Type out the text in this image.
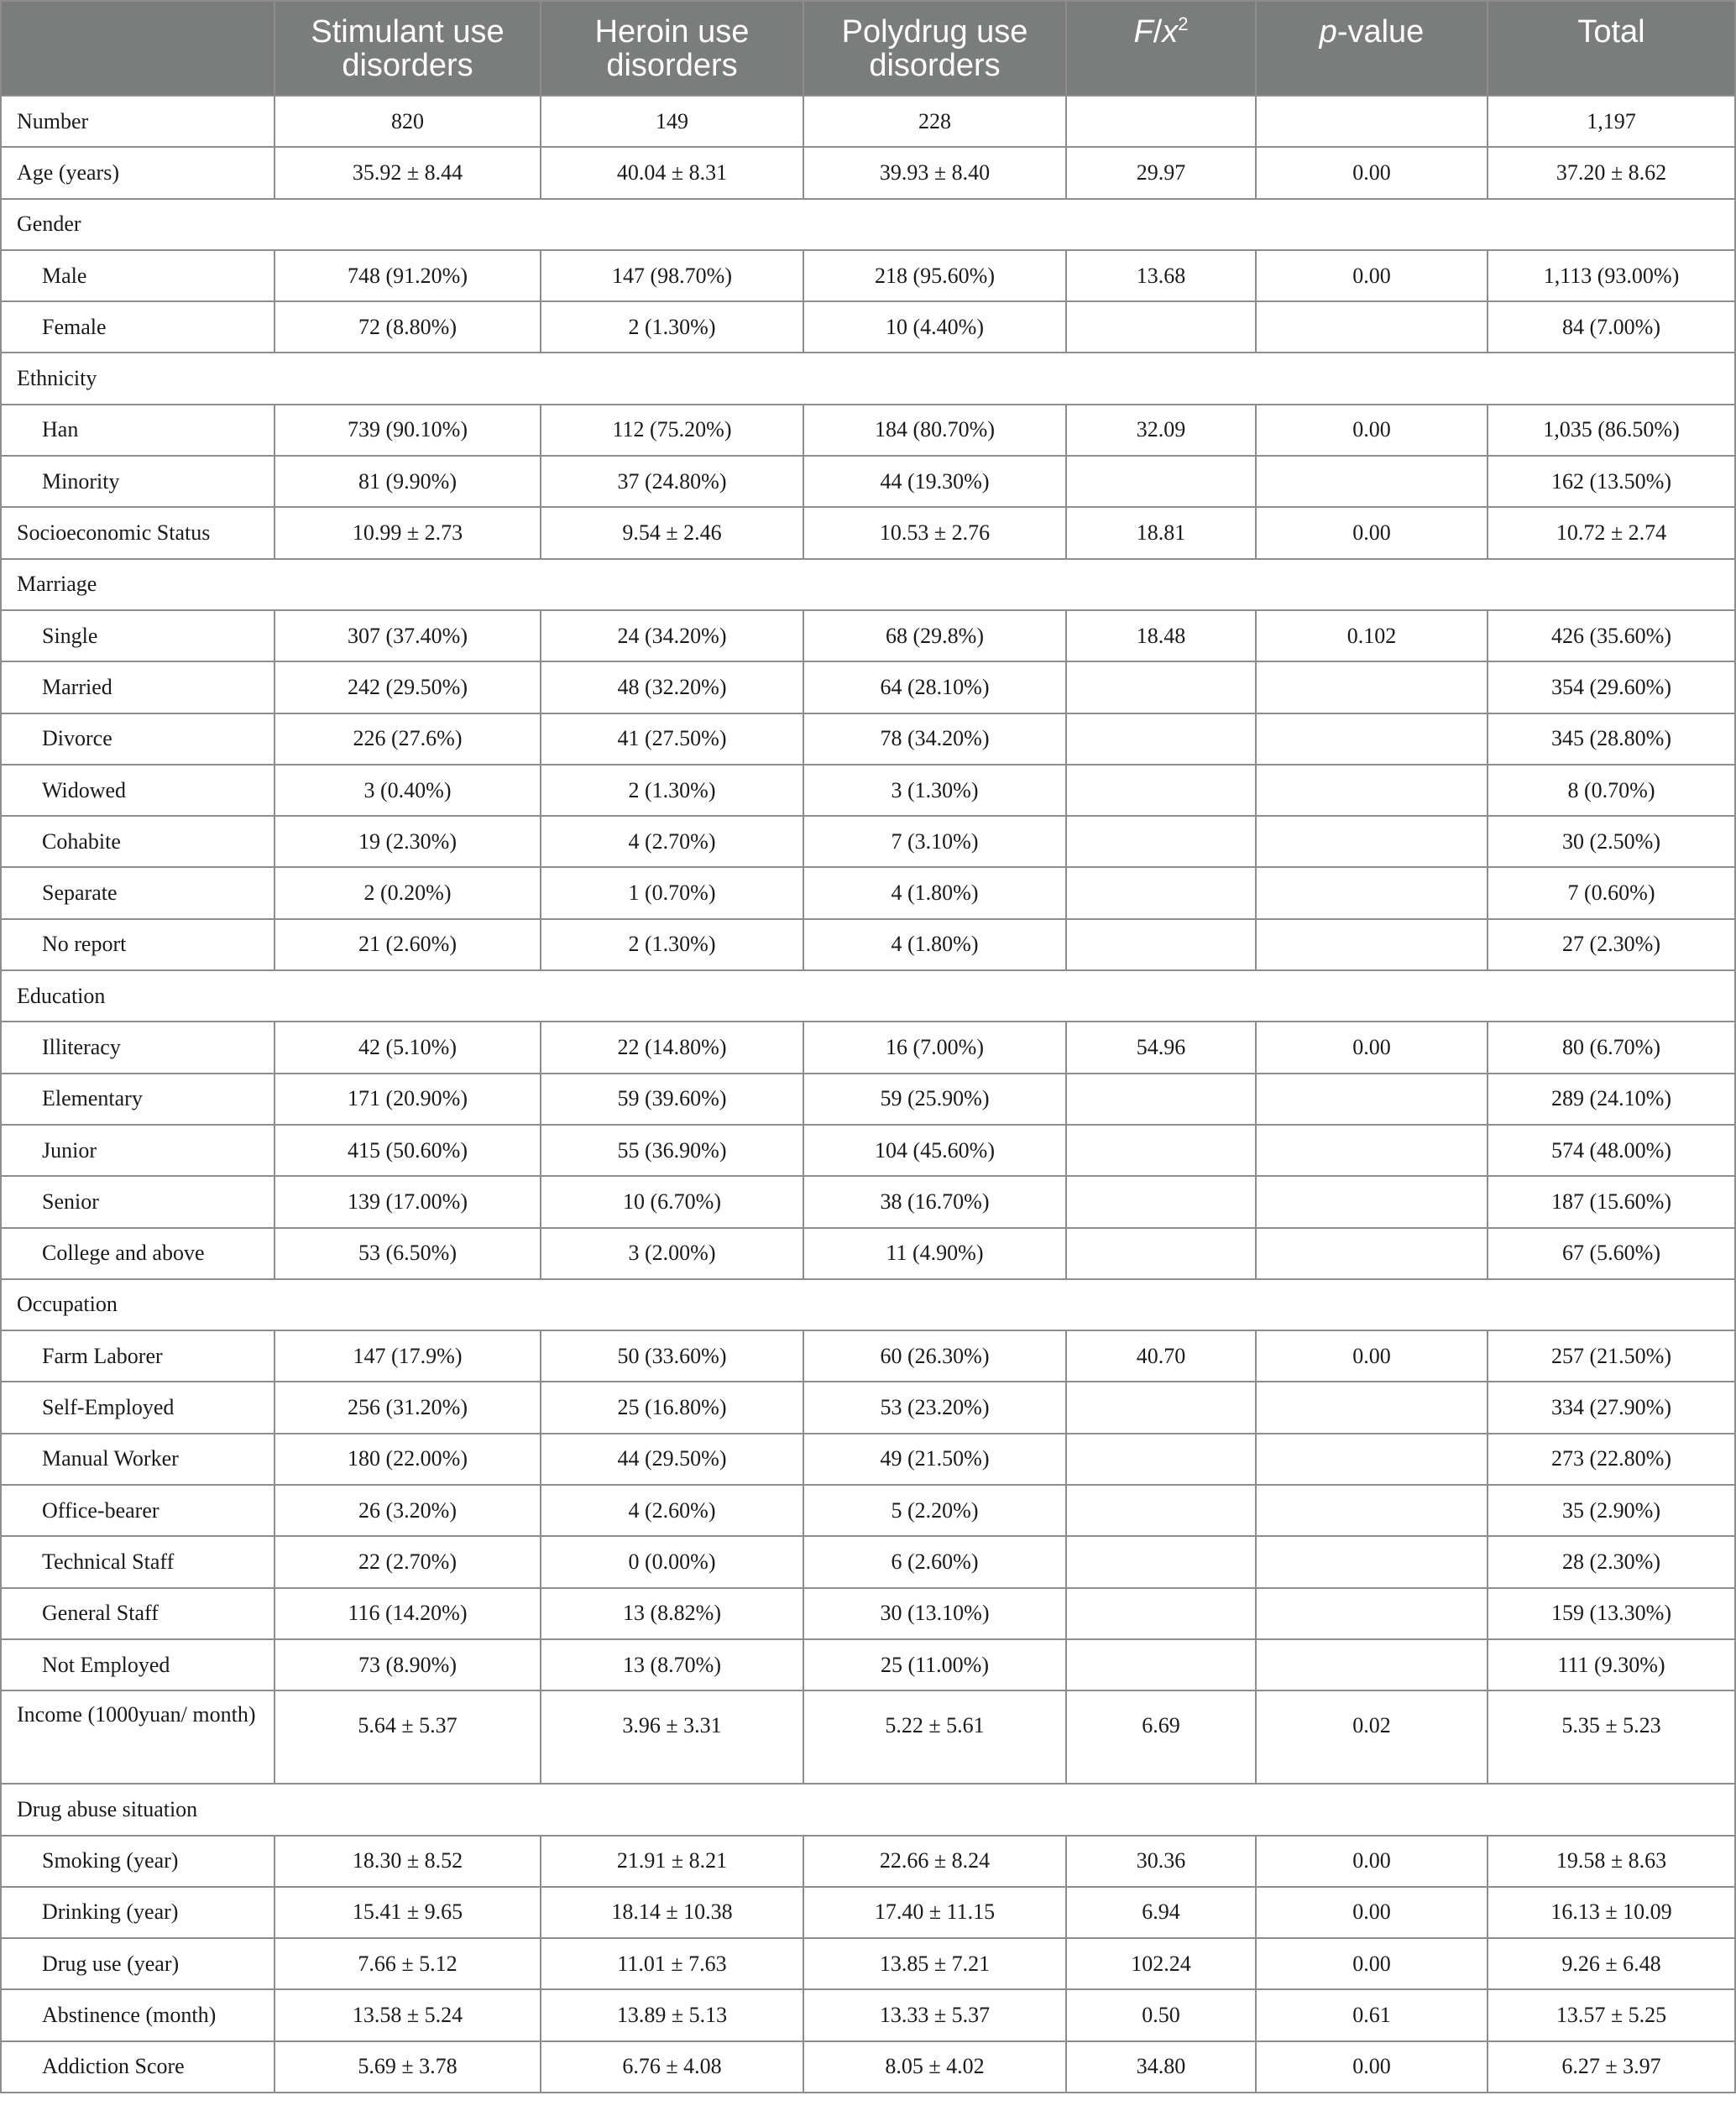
	Stimulant use disorders	Heroin use disorders	Polydrug use disorders	$F/x^2$	p-value	Total
Number	820	149	228			1,197
Age (years)	35.92 ± 8.44	40.04 ± 8.31	39.93 ± 8.40	29.97	0.00	37.20 ± 8.62
Gender						
Male	748 (91.20%)	147 (98.70%)	218 (95.60%)	13.68	0.00	1,113 (93.00%)
Female	72 (8.80%)	2 (1.30%)	10 (4.40%)			84 (7.00%)
Ethnicity						
Han	739 (90.10%)	112 (75.20%)	184 (80.70%)	32.09	0.00	1,035 (86.50%)
Minority	81 (9.90%)	37 (24.80%)	44 (19.30%)			162 (13.50%)
Socioeconomic Status	10.99 ± 2.73	9.54 ± 2.46	10.53 ± 2.76	18.81	0.00	10.72 ± 2.74
Marriage						
Single	307 (37.40%)	24 (34.20%)	68 (29.8%)	18.48	0.102	426 (35.60%)
Married	242 (29.50%)	48 (32.20%)	64 (28.10%)			354 (29.60%)
Divorce	226 (27.6%)	41 (27.50%)	78 (34.20%)			345 (28.80%)
Widowed	3 (0.40%)	2 (1.30%)	3 (1.30%)			8 (0.70%)
Cohabite	19 (2.30%)	4 (2.70%)	7 (3.10%)			30 (2.50%)
Separate	2 (0.20%)	1 (0.70%)	4 (1.80%)			7 (0.60%)
No report	21 (2.60%)	2 (1.30%)	4 (1.80%)			27 (2.30%)
Education						
Illiteracy	42 (5.10%)	22 (14.80%)	16 (7.00%)	54.96	0.00	80 (6.70%)
Elementary	171 (20.90%)	59 (39.60%)	59 (25.90%)			289 (24.10%)
Junior	415 (50.60%)	55 (36.90%)	104 (45.60%)			574 (48.00%)
Senior	139 (17.00%)	10 (6.70%)	38 (16.70%)			187 (15.60%)
College and above	53 (6.50%)	3 (2.00%)	11 (4.90%)			67 (5.60%)
Occupation						
Farm Laborer	147 (17.9%)	50 (33.60%)	60 (26.30%)	40.70	0.00	257 (21.50%)
Self-Employed	256 (31.20%)	25 (16.80%)	53 (23.20%)			334 (27.90%)
Manual Worker	180 (22.00%)	44 (29.50%)	49 (21.50%)			273 (22.80%)
Office-bearer	26 (3.20%)	4 (2.60%)	5 (2.20%)			35 (2.90%)
Technical Staff	22 (2.70%)	0 (0.00%)	6 (2.60%)			28 (2.30%)
General Staff	116 (14.20%)	13 (8.82%)	30 (13.10%)			159 (13.30%)
Not Employed	73 (8.90%)	13 (8.70%)	25 (11.00%)			111 (9.30%)
Income (1000yuan/ month)	5.64 ± 5.37	3.96 ± 3.31	5.22 ± 5.61	6.69	0.02	5.35 ± 5.23
Drug abuse situation						
Smoking (year)	18.30 ± 8.52	21.91 ± 8.21	22.66 ± 8.24	30.36	0.00	19.58 ± 8.63
Drinking (year)	15.41 ± 9.65	18.14 ± 10.38	17.40 ± 11.15	6.94	0.00	16.13 ± 10.09
Drug use (year)	7.66 ± 5.12	11.01 ± 7.63	13.85 ± 7.21	102.24	0.00	9.26 ± 6.48
Abstinence (month)	13.58 ± 5.24	13.89 ± 5.13	13.33 ± 5.37	0.50	0.61	13.57 ± 5.25
Addiction Score	5.69 ± 3.78	6.76 ± 4.08	8.05 ± 4.02	34.80	0.00	6.27 ± 3.97
